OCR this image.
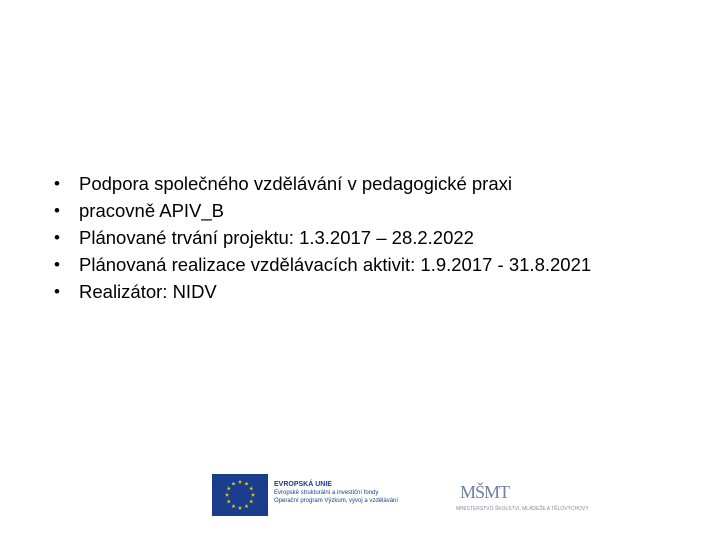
•	Podpora společného vzdělávání v pedagogické praxi
•	pracovně APIV_B
•	Plánované trvání projektu: 1.3.2017 – 28.2.2022
•	Plánovaná realizace vzdělávacích aktivit: 1.9.2017 - 31.8.2021
•	Realizátor: NIDV
EVROPSKÁ UNIE
Evropské strukturální a investiční fondy
Operační program Výzkum, vývoj a vzdělávání	MŠMT
MINISTERSTVO ŠKOLSTVÍ, MLÁDEŽE A TĚLOVÝCHOVY
